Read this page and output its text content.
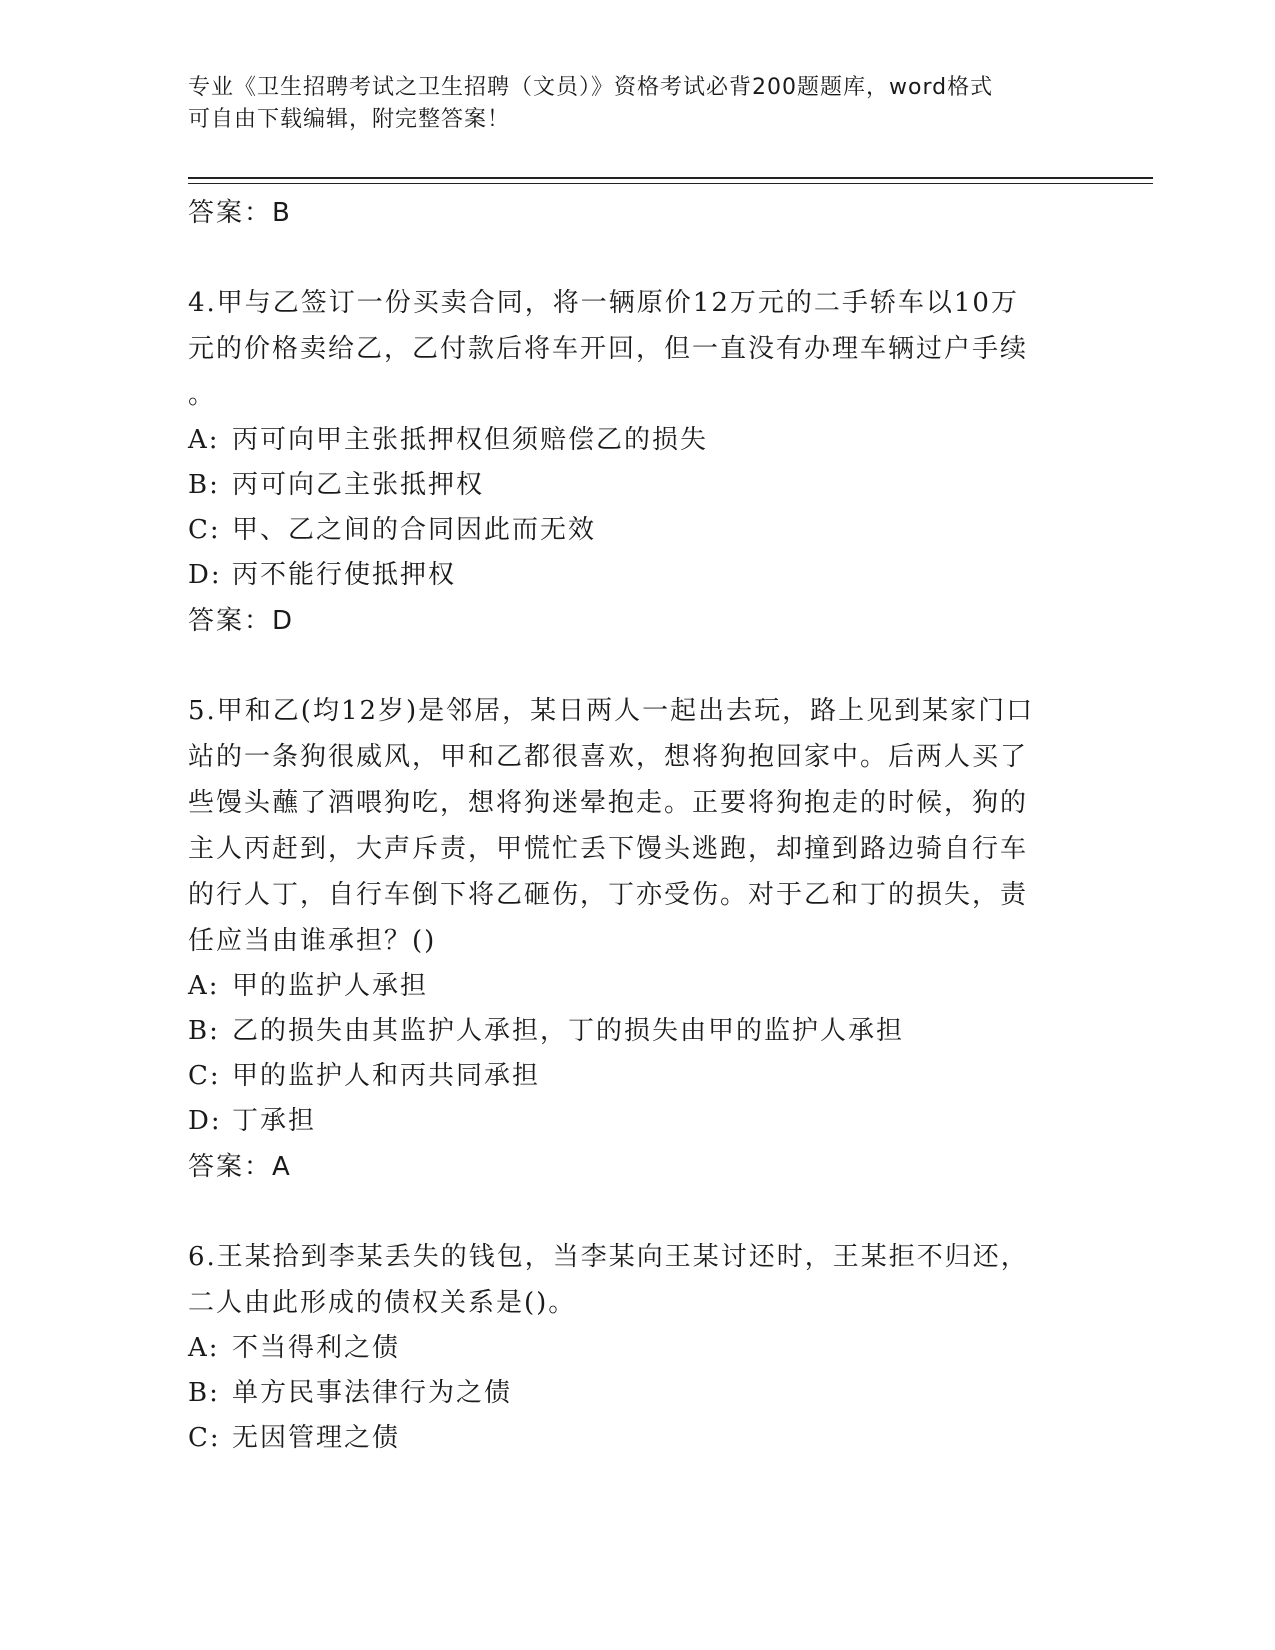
专业《卫生招聘考试之卫生招聘（文员）》资格考试必背200题题库，word格式
可自由下载编辑，附完整答案！
答案：B
4.甲与乙签订一份买卖合同，将一辆原价12万元的二手轿车以10万
元的价格卖给乙，乙付款后将车开回，但一直没有办理车辆过户手续
。
A: 丙可向甲主张抵押权但须赔偿乙的损失
B: 丙可向乙主张抵押权
C: 甲、乙之间的合同因此而无效
D: 丙不能行使抵押权
答案：D
5.甲和乙(均12岁)是邻居，某日两人一起出去玩，路上见到某家门口
站的一条狗很威风，甲和乙都很喜欢，想将狗抱回家中。后两人买了
些馒头蘸了酒喂狗吃，想将狗迷晕抱走。正要将狗抱走的时候，狗的
主人丙赶到，大声斥责，甲慌忙丢下馒头逃跑，却撞到路边骑自行车
的行人丁，自行车倒下将乙砸伤，丁亦受伤。对于乙和丁的损失，责
任应当由谁承担？()
A: 甲的监护人承担
B: 乙的损失由其监护人承担，丁的损失由甲的监护人承担
C: 甲的监护人和丙共同承担
D: 丁承担
答案：A
6.王某拾到李某丢失的钱包，当李某向王某讨还时，王某拒不归还，
二人由此形成的债权关系是()。
A: 不当得利之债
B: 单方民事法律行为之债
C: 无因管理之债
